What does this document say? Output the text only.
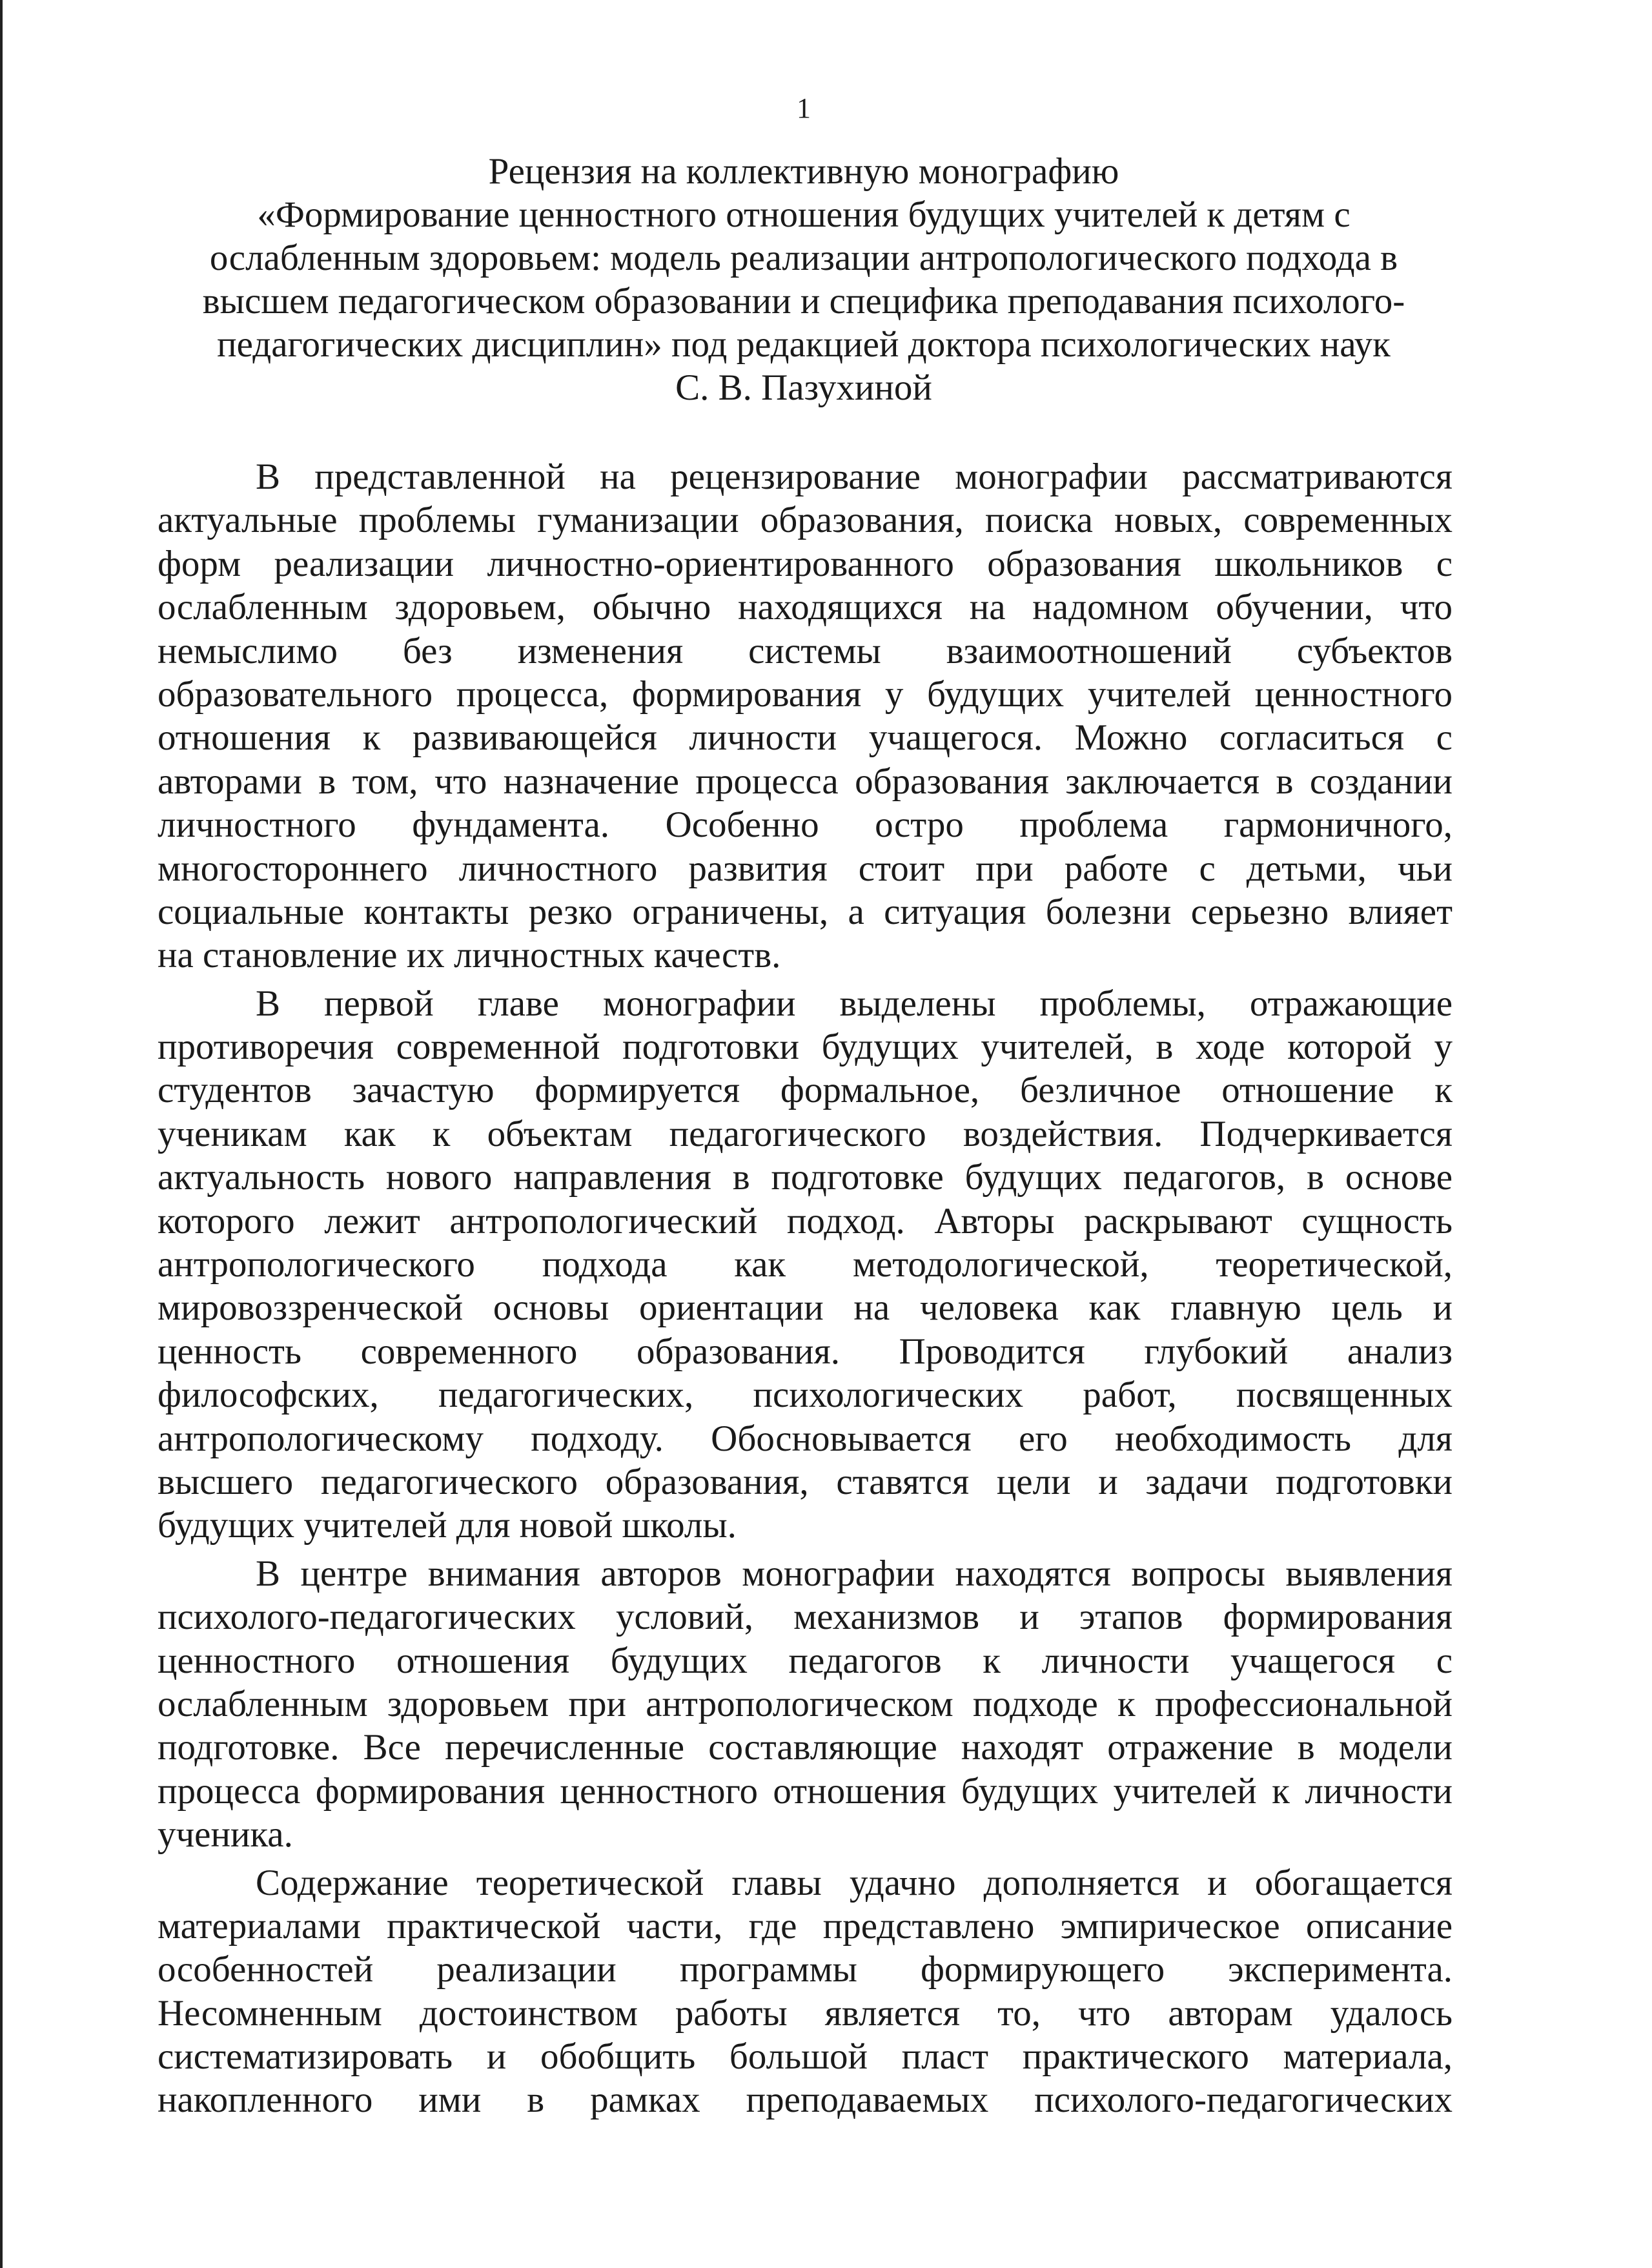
1
Рецензия на коллективную монографию
«Формирование ценностного отношения будущих учителей к детям с
ослабленным здоровьем: модель реализации антропологического подхода в
высшем педагогическом образовании и специфика преподавания психолого-
педагогических дисциплин» под редакцией доктора психологических наук
С. В. Пазухиной
В представленной на рецензирование монографии рассматриваются
актуальные проблемы гуманизации образования, поиска новых, современных
форм реализации личностно-ориентированного образования школьников с
ослабленным здоровьем, обычно находящихся на надомном обучении, что
немыслимо без изменения системы взаимоотношений субъектов
образовательного процесса, формирования у будущих учителей ценностного
отношения к развивающейся личности учащегося. Можно согласиться с
авторами в том, что назначение процесса образования заключается в создании
личностного фундамента. Особенно остро проблема гармоничного,
многостороннего личностного развития стоит при работе с детьми, чьи
социальные контакты резко ограничены, а ситуация болезни серьезно влияет
на становление их личностных качеств.
В первой главе монографии выделены проблемы, отражающие
противоречия современной подготовки будущих учителей, в ходе которой у
студентов зачастую формируется формальное, безличное отношение к
ученикам как к объектам педагогического воздействия. Подчеркивается
актуальность нового направления в подготовке будущих педагогов, в основе
которого лежит антропологический подход. Авторы раскрывают сущность
антропологического подхода как методологической, теоретической,
мировоззренческой основы ориентации на человека как главную цель и
ценность современного образования. Проводится глубокий анализ
философских, педагогических, психологических работ, посвященных
антропологическому подходу. Обосновывается его необходимость для
высшего педагогического образования, ставятся цели и задачи подготовки
будущих учителей для новой школы.
В центре внимания авторов монографии находятся вопросы выявления
психолого-педагогических условий, механизмов и этапов формирования
ценностного отношения будущих педагогов к личности учащегося с
ослабленным здоровьем при антропологическом подходе к профессиональной
подготовке. Все перечисленные составляющие находят отражение в модели
процесса формирования ценностного отношения будущих учителей к личности
ученика.
Содержание теоретической главы удачно дополняется и обогащается
материалами практической части, где представлено эмпирическое описание
особенностей реализации программы формирующего эксперимента.
Несомненным достоинством работы является то, что авторам удалось
систематизировать и обобщить большой пласт практического материала,
накопленного ими в рамках преподаваемых психолого-педагогических
